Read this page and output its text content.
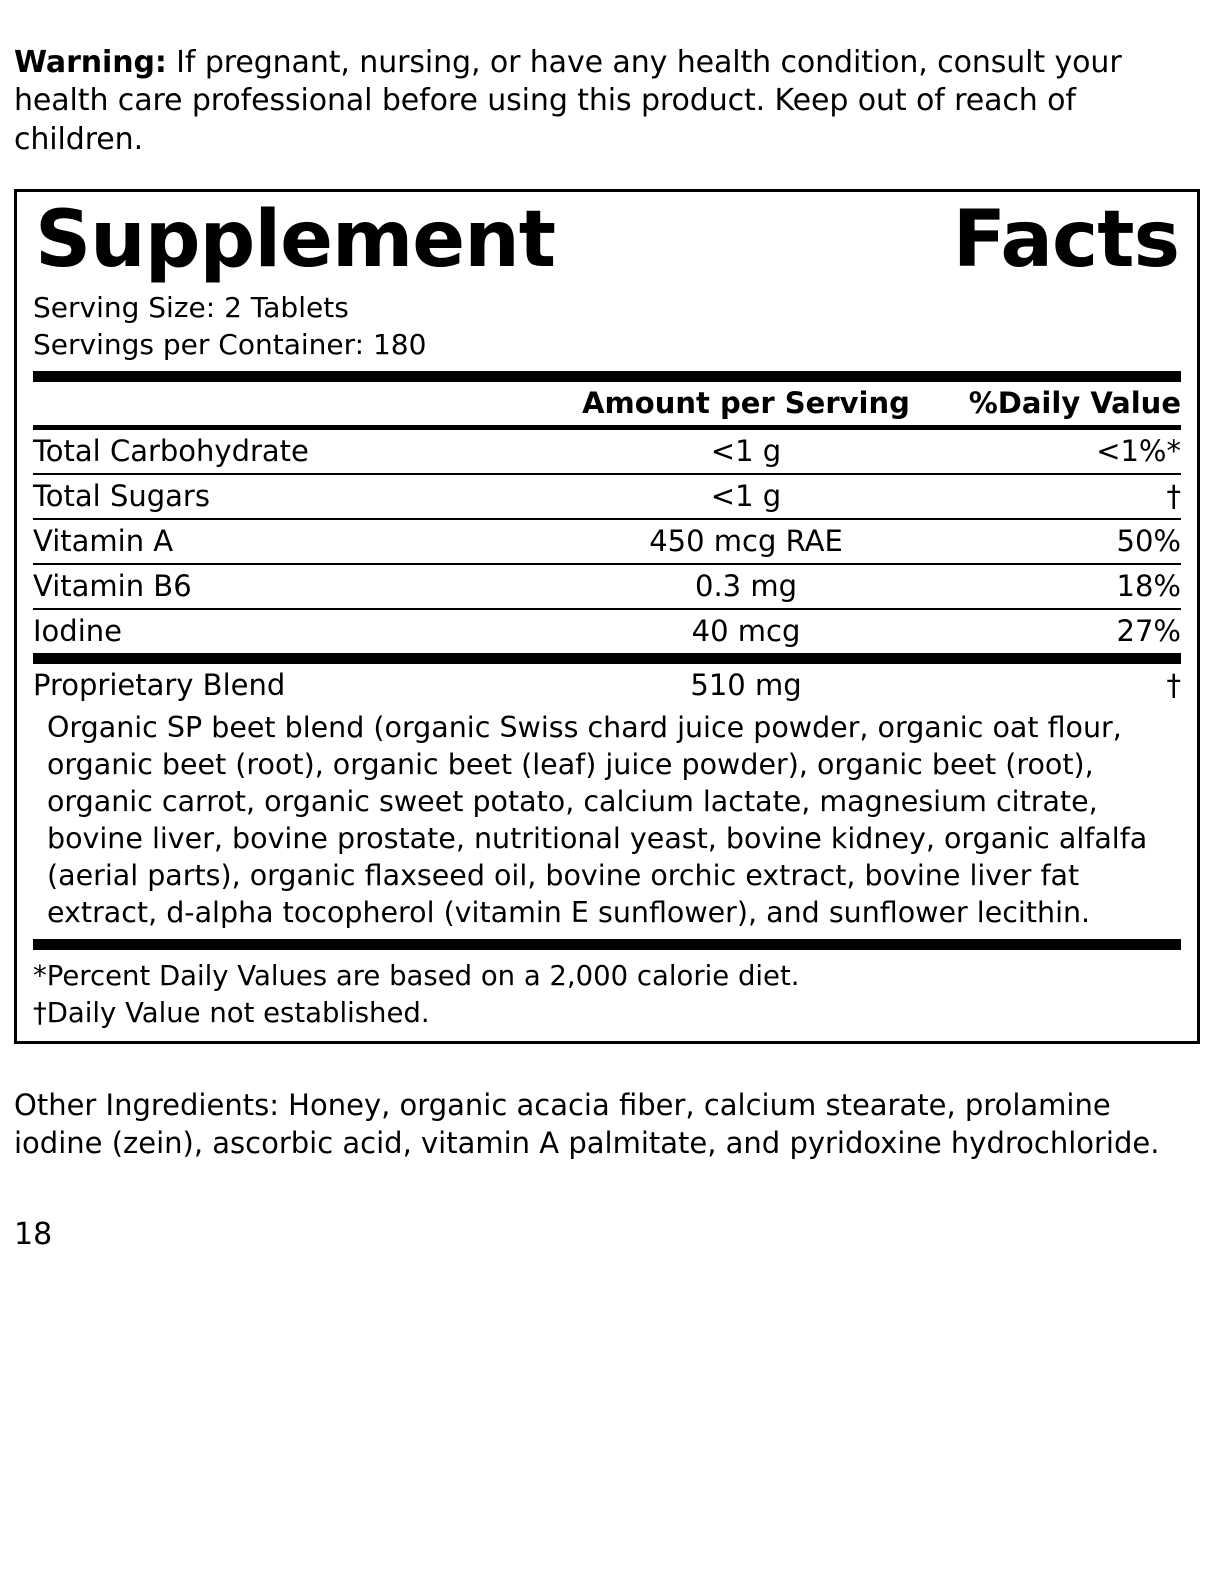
Warning: If pregnant, nursing, or have any health condition, consult your health care professional before using this product. Keep out of reach of children.

Supplement	Facts
Serving Size: 2 Tablets
Servings per Container: 180
	Amount per Serving	%Daily Value
Total Carbohydrate	<1 g	<1%*
Total Sugars	<1 g	†
Vitamin A	450 mcg RAE	50%
Vitamin B6	0.3 mg	18%
Iodine	40 mcg	27%
Proprietary Blend	510 mg	†
Organic SP beet blend (organic Swiss chard juice powder, organic oat flour, organic beet (root), organic beet (leaf) juice powder), organic beet (root), organic carrot, organic sweet potato, calcium lactate, magnesium citrate, bovine liver, bovine prostate, nutritional yeast, bovine kidney, organic alfalfa (aerial parts), organic flaxseed oil, bovine orchic extract, bovine liver fat extract, d-alpha tocopherol (vitamin E sunflower), and sunflower lecithin.
*Percent Daily Values are based on a 2,000 calorie diet.
†Daily Value not established.

Other Ingredients: Honey, organic acacia fiber, calcium stearate, prolamine iodine (zein), ascorbic acid, vitamin A palmitate, and pyridoxine hydrochloride.

18
